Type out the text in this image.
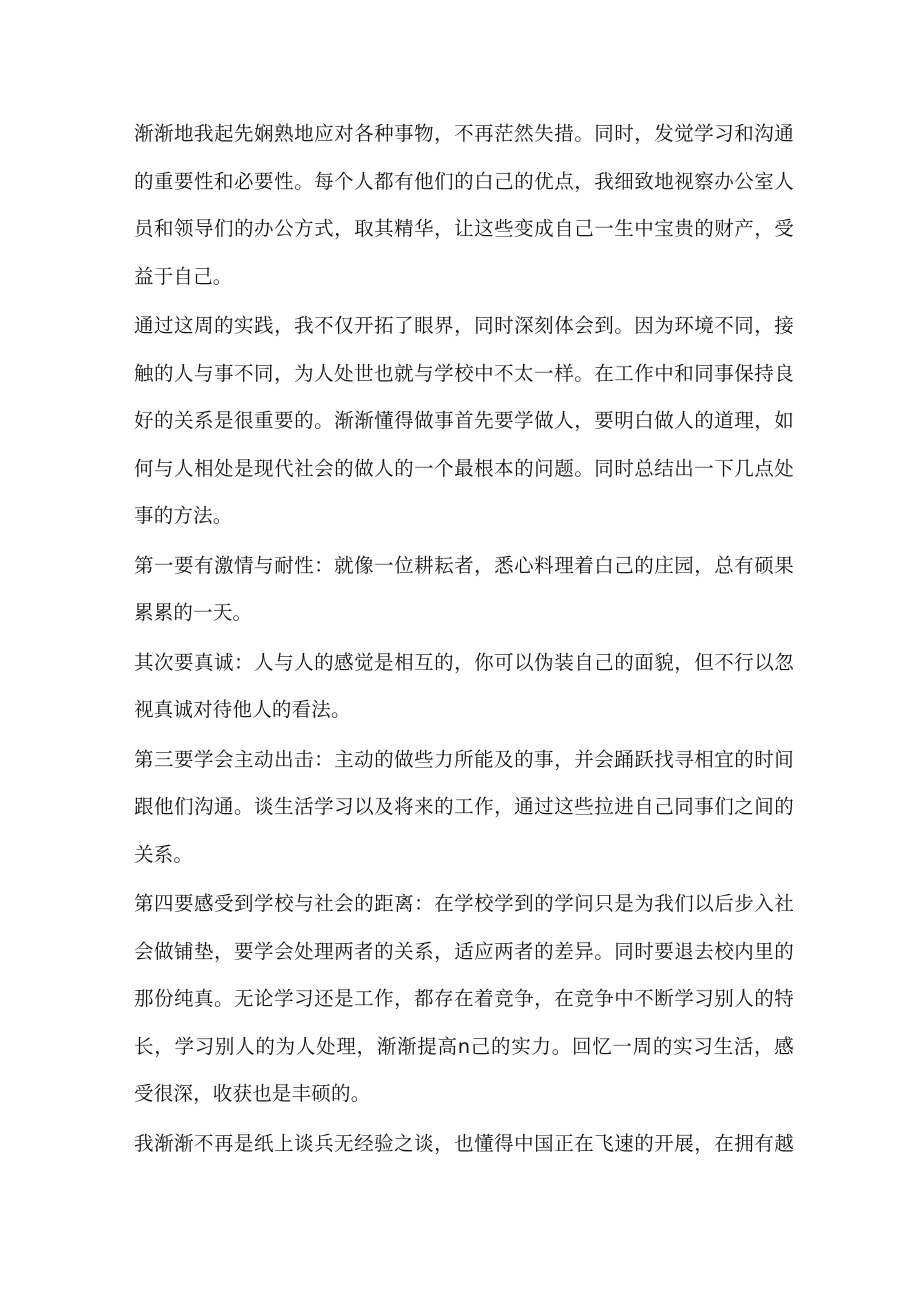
渐渐地我起先娴熟地应对各种事物，不再茫然失措。同时，发觉学习和沟通
的重要性和必要性。每个人都有他们的白己的优点，我细致地视察办公室人
员和领导们的办公方式，取其精华，让这些变成自己一生中宝贵的财产，受
益于自己。
通过这周的实践，我不仅开拓了眼界，同时深刻体会到。因为环境不同，接
触的人与事不同，为人处世也就与学校中不太一样。在工作中和同事保持良
好的关系是很重要的。渐渐懂得做事首先要学做人，要明白做人的道理，如
何与人相处是现代社会的做人的一个最根本的问题。同时总结出一下几点处
事的方法。
第一要有激情与耐性：就像一位耕耘者，悉心料理着白己的庄园，总有硕果
累累的一天。
其次要真诚：人与人的感觉是相互的，你可以伪装自己的面貌，但不行以忽
视真诚对待他人的看法。
第三要学会主动出击：主动的做些力所能及的事，并会踊跃找寻相宜的时间
跟他们沟通。谈生活学习以及将来的工作，通过这些拉进自己同事们之间的
关系。
第四要感受到学校与社会的距离：在学校学到的学问只是为我们以后步入社
会做铺垫，要学会处理两者的关系，适应两者的差异。同时要退去校内里的
那份纯真。无论学习还是工作，都存在着竞争，在竞争中不断学习别人的特
长，学习别人的为人处理，渐渐提高n己的实力。回忆一周的实习生活，感
受很深，收获也是丰硕的。
我渐渐不再是纸上谈兵无经验之谈，也懂得中国正在飞速的开展，在拥有越
